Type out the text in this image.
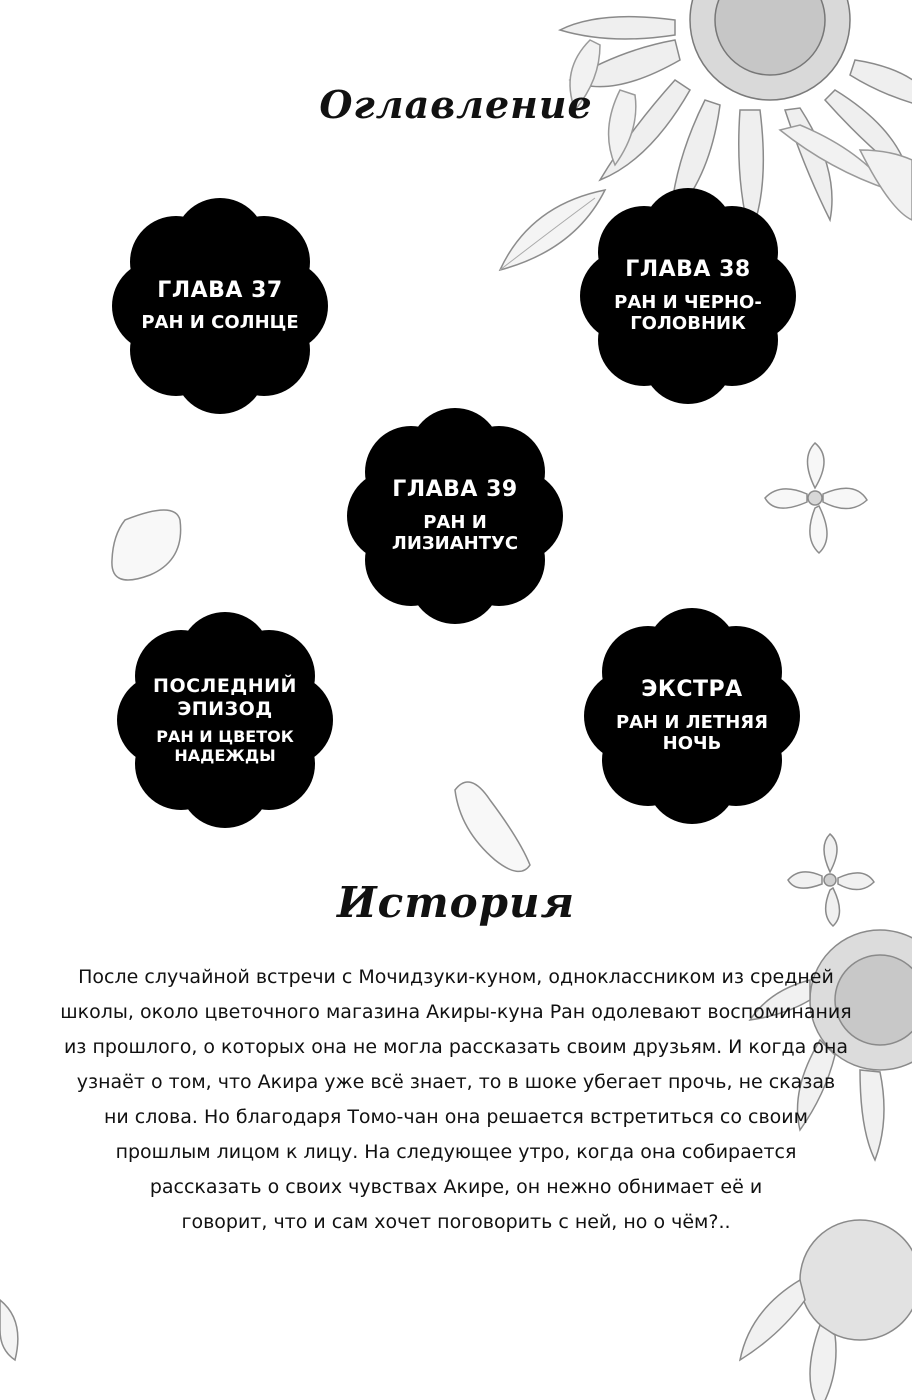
Оглавление
ГЛАВА 37
РАН И СОЛНЦЕ
ГЛАВА 38
РАН И ЧЕРНО-
ГОЛОВНИК
ГЛАВА 39
РАН И
ЛИЗИАНТУС
ПОСЛЕДНИЙ
ЭПИЗОД
РАН И ЦВЕТОК
НАДЕЖДЫ
ЭКСТРА
РАН И ЛЕТНЯЯ
НОЧЬ
История
После случайной встречи с Мочидзуки-куном, одноклассником из средней
школы, около цветочного магазина Акиры-куна Ран одолевают воспоминания
из прошлого, о которых она не могла рассказать своим друзьям. И когда она
узнаёт о том, что Акира уже всё знает, то в шоке убегает прочь, не сказав
ни слова. Но благодаря Томо-чан она решается встретиться со своим
прошлым лицом к лицу. На следующее утро, когда она собирается
рассказать о своих чувствах Акире, он нежно обнимает её и
говорит, что и сам хочет поговорить с ней, но о чём?..
